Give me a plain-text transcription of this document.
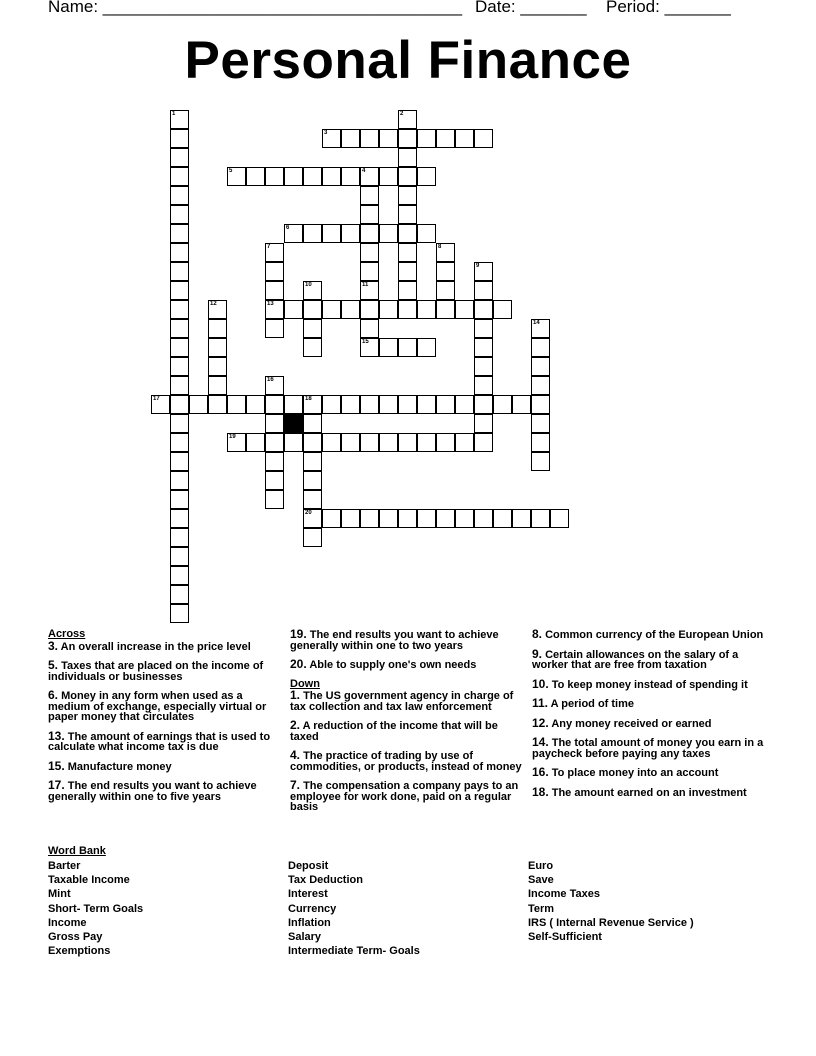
Name: ______________________________________ Date: _______ Period: _______
Personal Finance
3
5	4
6
13
15
17	18
19
20
1	2
7	8
9
10	11
12
14
16
Across
3. An overall increase in the price level
5. Taxes that are placed on the income of individuals or businesses
6. Money in any form when used as a medium of exchange, especially virtual or paper money that circulates
13. The amount of earnings that is used to calculate what income tax is due
15. Manufacture money
17. The end results you want to achieve generally within one to five years
19. The end results you want to achieve generally within one to two years
20. Able to supply one's own needs
Down
1. The US government agency in charge of tax collection and tax law enforcement
2. A reduction of the income that will be taxed
4. The practice of trading by use of commodities, or products, instead of money
7. The compensation a company pays to an employee for work done, paid on a regular basis
8. Common currency of the European Union
9. Certain allowances on the salary of a worker that are free from taxation
10. To keep money instead of spending it
11. A period of time
12. Any money received or earned
14. The total amount of money you earn in a paycheck before paying any taxes
16. To place money into an account
18. The amount earned on an investment
Word Bank
Barter
Taxable Income
Mint
Short- Term Goals
Income
Gross Pay
Exemptions
Deposit
Tax Deduction
Interest
Currency
Inflation
Salary
Intermediate Term- Goals
Euro
Save
Income Taxes
Term
IRS ( Internal Revenue Service )
Self-Sufficient
